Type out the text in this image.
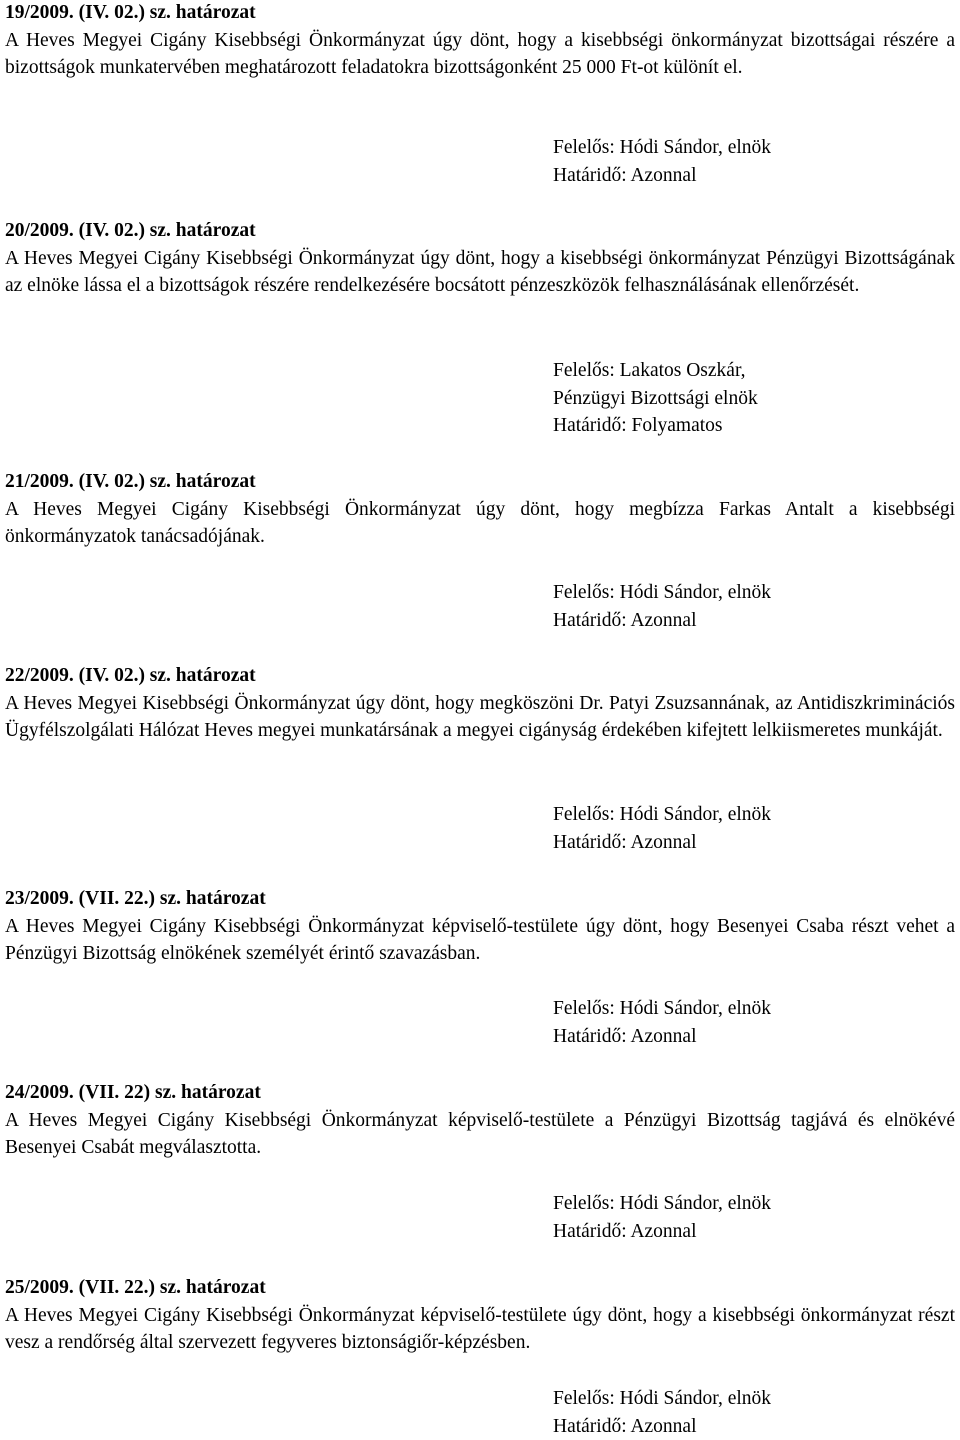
19/2009. (IV. 02.) sz. határozat

A Heves Megyei Cigány Kisebbségi Önkormányzat úgy dönt, hogy a kisebbségi önkormányzat bizottságai részére a bizottságok munkatervében meghatározott feladatokra bizottságonként 25 000 Ft-ot különít el.

Felelős: Hódi Sándor, elnök
Határidő: Azonnal

20/2009. (IV. 02.) sz. határozat

A Heves Megyei Cigány Kisebbségi Önkormányzat úgy dönt, hogy a kisebbségi önkormányzat Pénzügyi Bizottságának az elnöke lássa el a bizottságok részére rendelkezésére bocsátott pénzeszközök felhasználásának ellenőrzését.

Felelős: Lakatos Oszkár,
Pénzügyi Bizottsági elnök
Határidő: Folyamatos

21/2009. (IV. 02.) sz. határozat

A Heves Megyei Cigány Kisebbségi Önkormányzat úgy dönt, hogy megbízza Farkas Antalt a kisebbségi önkormányzatok tanácsadójának.

Felelős: Hódi Sándor, elnök
Határidő: Azonnal

22/2009. (IV. 02.) sz. határozat

A Heves Megyei Kisebbségi Önkormányzat úgy dönt, hogy megköszöni Dr. Patyi Zsuzsannának, az Antidiszkriminációs Ügyfélszolgálati Hálózat Heves megyei munkatársának a megyei cigányság érdekében kifejtett lelkiismeretes munkáját.

Felelős: Hódi Sándor, elnök
Határidő: Azonnal

23/2009. (VII. 22.) sz. határozat

A Heves Megyei Cigány Kisebbségi Önkormányzat képviselő-testülete úgy dönt, hogy Besenyei Csaba részt vehet a Pénzügyi Bizottság elnökének személyét érintő szavazásban.

Felelős: Hódi Sándor, elnök
Határidő: Azonnal

24/2009. (VII. 22) sz. határozat

A Heves Megyei Cigány Kisebbségi Önkormányzat képviselő-testülete a Pénzügyi Bizottság tagjává és elnökévé Besenyei Csabát megválasztotta.

Felelős: Hódi Sándor, elnök
Határidő: Azonnal

25/2009. (VII. 22.) sz. határozat

A Heves Megyei Cigány Kisebbségi Önkormányzat képviselő-testülete úgy dönt, hogy a kisebbségi önkormányzat részt vesz a rendőrség által szervezett fegyveres biztonságiőr-képzésben.

Felelős: Hódi Sándor, elnök
Határidő: Azonnal
